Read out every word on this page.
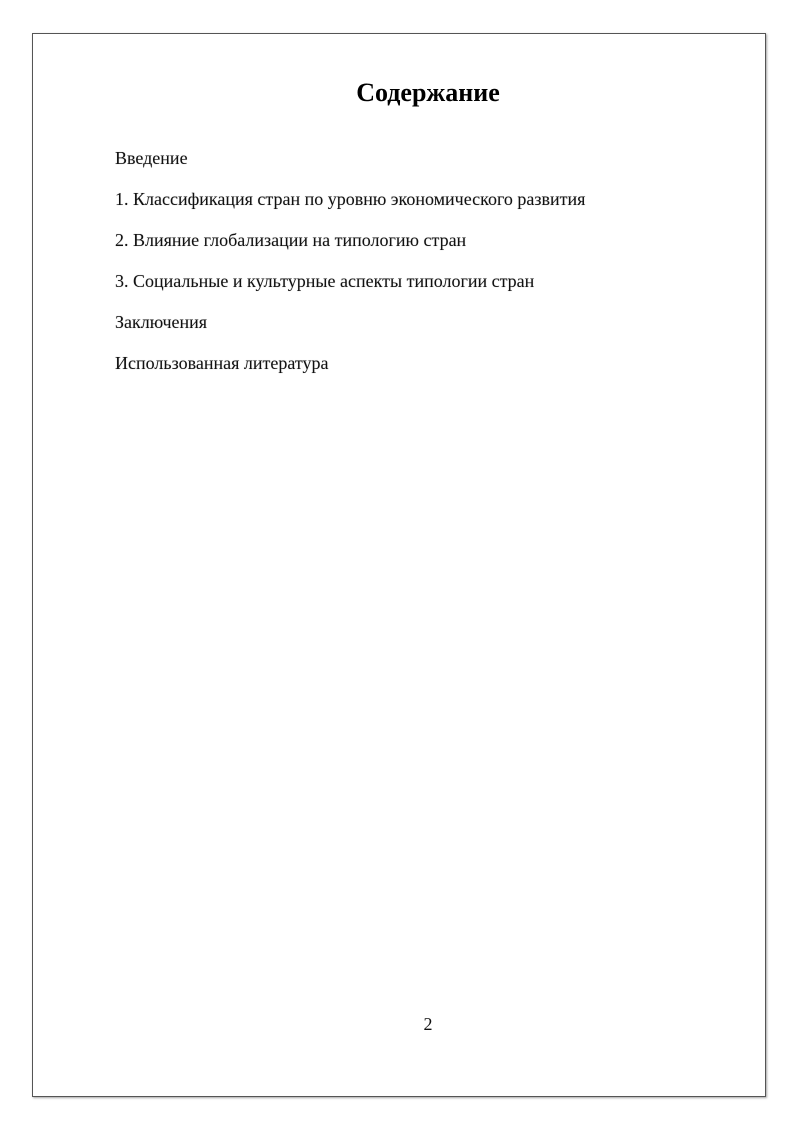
Содержание
Введение
1. Классификация стран по уровню экономического развития
2. Влияние глобализации на типологию стран
3. Социальные и культурные аспекты типологии стран
Заключения
Использованная литература
2
